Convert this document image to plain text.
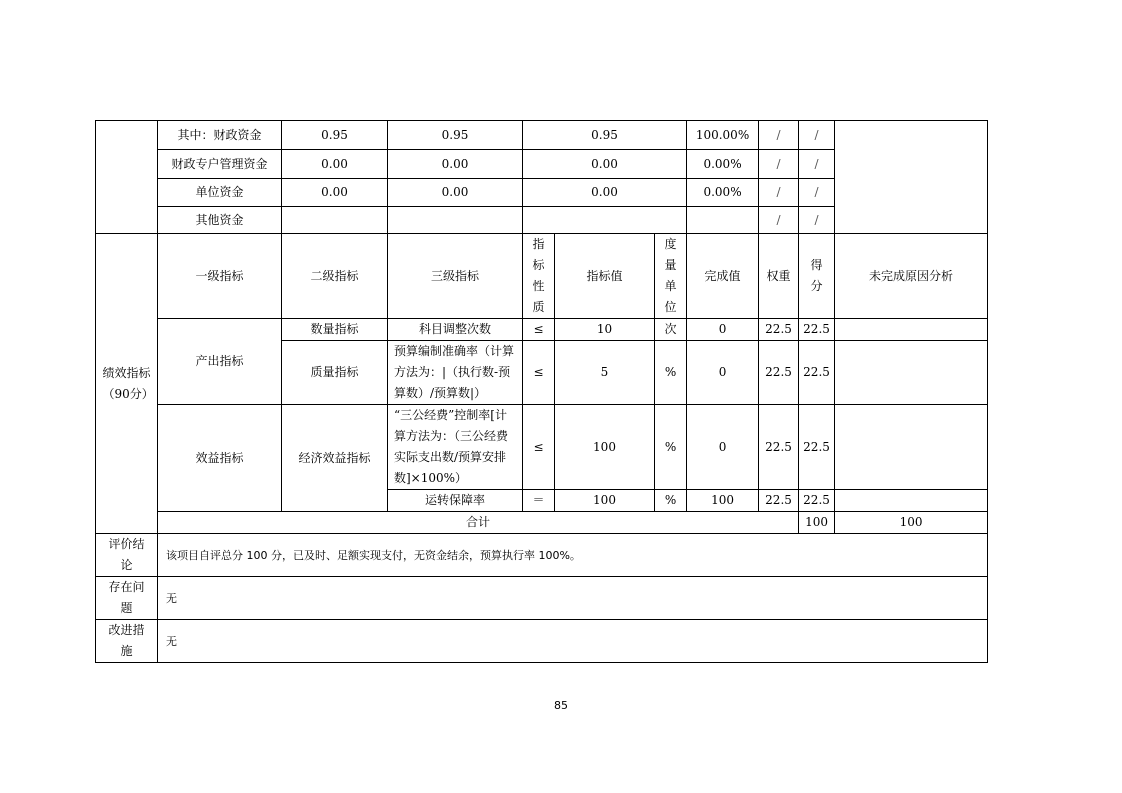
	其中：财政资金	0.95	0.95	0.95			100.00%	/	/		
	财政专户管理资金	0.00	0.00	0.00			0.00%	/	/		
	单位资金	0.00	0.00	0.00			0.00%	/	/		
	其他资金							/	/		
绩效指标（90分）	一级指标	二级指标	三级指标	指标性质	指标值	度量单位	完成值	权重	得分	未完成原因分析	
	产出指标	数量指标	科目调整次数	≤	10	次	0	22.5	22.5		
		质量指标	预算编制准确率（计算方法为：|（执行数-预算数）/预算数|）	≤	5	%	0	22.5	22.5		
	效益指标	经济效益指标	“三公经费”控制率[计算方法为：（三公经费实际支出数/预算安排数]×100%）	≤	100	%	0	22.5	22.5		
			运转保障率	＝	100	%	100	22.5	22.5		
	合计								100	100	
评价结论	该项目自评总分 100 分，已及时、足额实现支付，无资金结余，预算执行率 100%。										
存在问题	无										
改进措施	无										
85
